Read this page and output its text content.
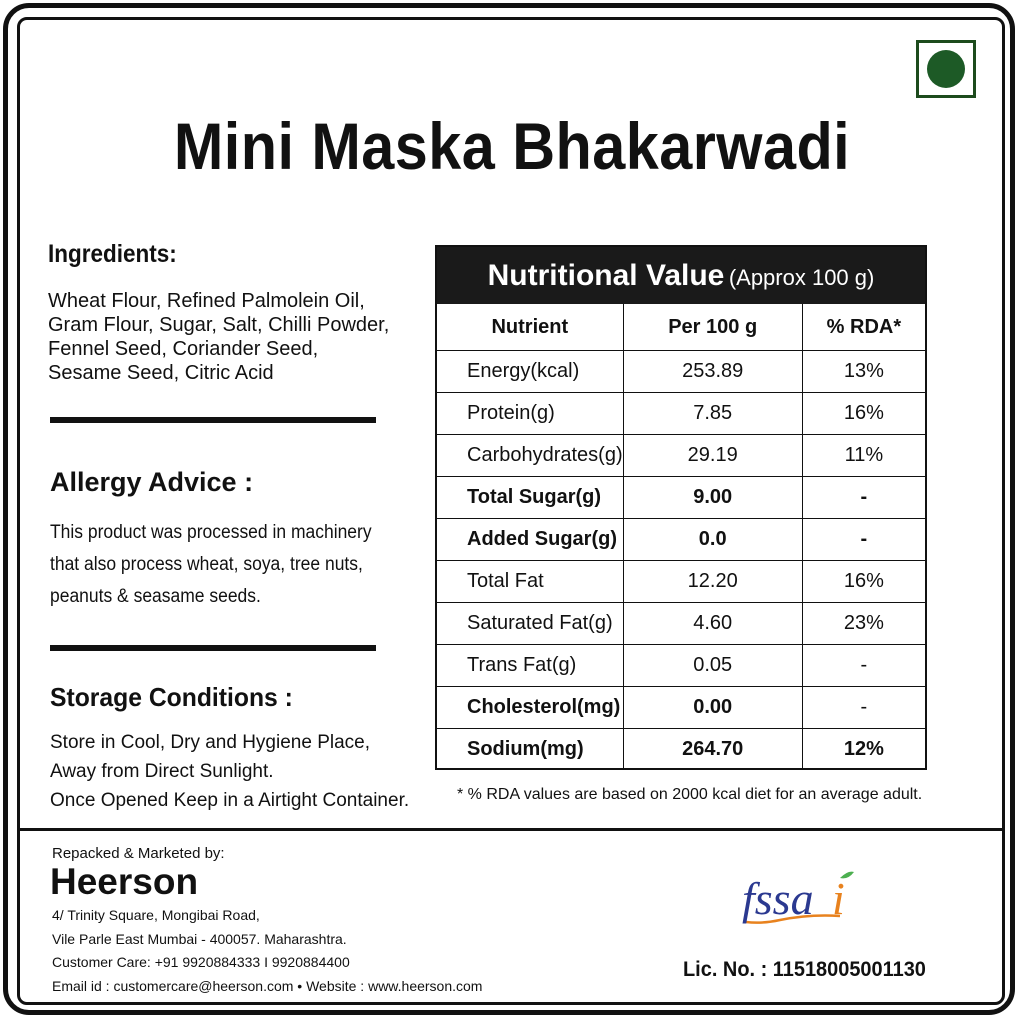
Mini Maska Bhakarwadi
Ingredients:
Wheat Flour, Refined Palmolein Oil,
Gram Flour, Sugar, Salt, Chilli Powder,
Fennel Seed, Coriander Seed,
Sesame Seed, Citric Acid
Allergy Advice :
This product was processed in machinery
that also process wheat, soya, tree nuts,
peanuts & seasame seeds.
Storage Conditions :
Store in Cool, Dry and Hygiene Place,
Away from Direct Sunlight.
Once Opened Keep in a Airtight Container.
Nutritional Value (Approx 100 g)
Nutrient	Per 100 g	% RDA*
Energy(kcal)	253.89	13%
Protein(g)	7.85	16%
Carbohydrates(g)	29.19	11%
Total Sugar(g)	9.00	-
Added Sugar(g)	0.0	-
Total Fat	12.20	16%
Saturated Fat(g)	4.60	23%
Trans Fat(g)	0.05	-
Cholesterol(mg)	0.00	-
Sodium(mg)	264.70	12%
* % RDA values are based on 2000 kcal diet for an average adult.
Repacked & Marketed by:
Heerson
4/ Trinity Square, Mongibai Road,
Vile Parle East Mumbai - 400057. Maharashtra.
Customer Care: +91 9920884333 I 9920884400
Email id : customercare@heerson.com • Website : www.heerson.com
fssa i
Lic. No. : 11518005001130
